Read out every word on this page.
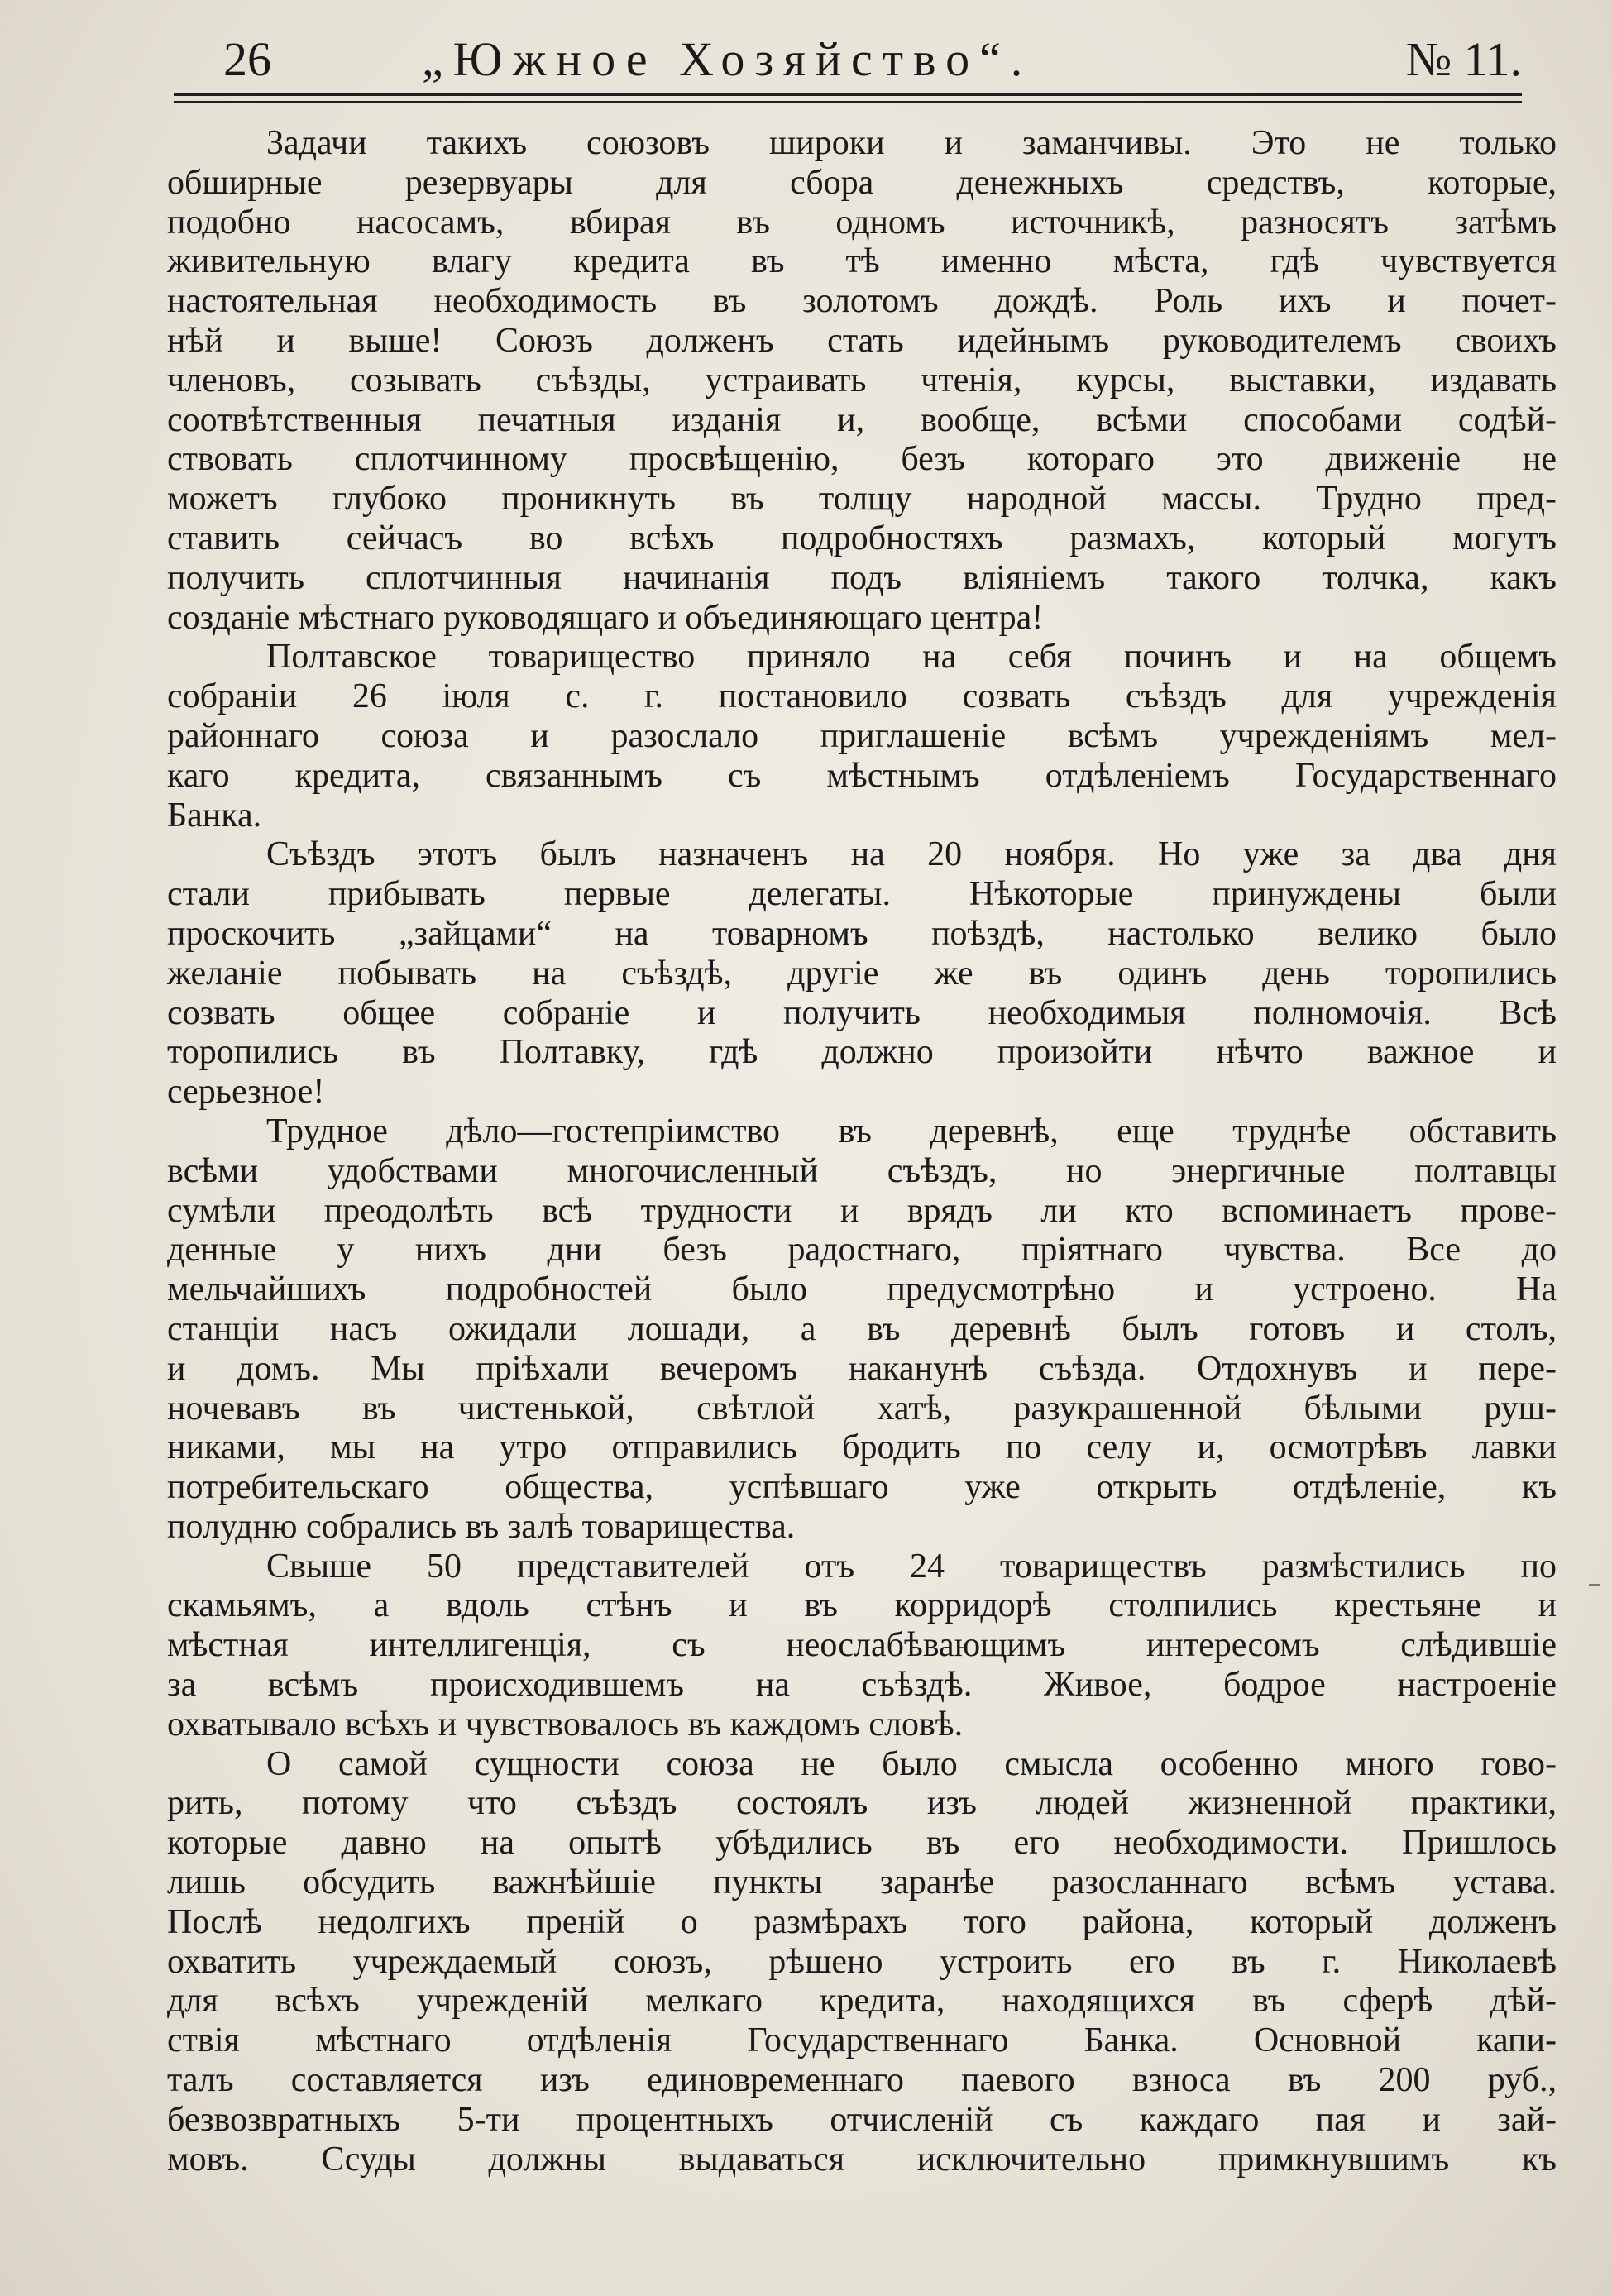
26	„Южное Хозяйство“.	№ 11.
Задачи такихъ союзовъ широки и заманчивы. Это не только
обширные резервуары для сбора денежныхъ средствъ, которые,
подобно насосамъ, вбирая въ одномъ источникѣ, разносятъ затѣмъ
живительную влагу кредита въ тѣ именно мѣста, гдѣ чувствуется
настоятельная необходимость въ золотомъ дождѣ. Роль ихъ и почет-
нѣй и выше! Союзъ долженъ стать идейнымъ руководителемъ своихъ
членовъ, созывать съѣзды, устраивать чтенія, курсы, выставки, издавать
соотвѣтственныя печатныя изданія и, вообще, всѣми способами содѣй-
ствовать сплотчинному просвѣщенію, безъ котораго это движеніе не
можетъ глубоко проникнуть въ толщу народной массы. Трудно пред-
ставить сейчасъ во всѣхъ подробностяхъ размахъ, который могутъ
получить сплотчинныя начинанія подъ вліяніемъ такого толчка, какъ
созданіе мѣстнаго руководящаго и объединяющаго центра!
Полтавское товарищество приняло на себя починъ и на общемъ
собраніи 26 іюля с. г. постановило созвать съѣздъ для учрежденія
районнаго союза и разослало приглашеніе всѣмъ учрежденіямъ мел-
каго кредита, связаннымъ съ мѣстнымъ отдѣленіемъ Государственнаго
Банка.
Съѣздъ этотъ былъ назначенъ на 20 ноября. Но уже за два дня
стали прибывать первые делегаты. Нѣкоторые принуждены были
проскочить „зайцами“ на товарномъ поѣздѣ, настолько велико было
желаніе побывать на съѣздѣ, другіе же въ одинъ день торопились
созвать общее собраніе и получить необходимыя полномочія. Всѣ
торопились въ Полтавку, гдѣ должно произойти нѣчто важное и
серьезное!
Трудное дѣло—гостепріимство въ деревнѣ, еще труднѣе обставить
всѣми удобствами многочисленный съѣздъ, но энергичные полтавцы
сумѣли преодолѣть всѣ трудности и врядъ ли кто вспоминаетъ прове-
денные у нихъ дни безъ радостнаго, пріятнаго чувства. Все до
мельчайшихъ подробностей было предусмотрѣно и устроено. На
станціи насъ ожидали лошади, а въ деревнѣ былъ готовъ и столъ,
и домъ. Мы пріѣхали вечеромъ наканунѣ съѣзда. Отдохнувъ и пере-
ночевавъ въ чистенькой, свѣтлой хатѣ, разукрашенной бѣлыми руш-
никами, мы на утро отправились бродить по селу и, осмотрѣвъ лавки
потребительскаго общества, успѣвшаго уже открыть отдѣленіе, къ
полудню собрались въ залѣ товарищества.
Свыше 50 представителей отъ 24 товариществъ размѣстились по
скамьямъ, а вдоль стѣнъ и въ корридорѣ столпились крестьяне и
мѣстная интеллигенція, съ неослабѣвающимъ интересомъ слѣдившіе
за всѣмъ происходившемъ на съѣздѣ. Живое, бодрое настроеніе
охватывало всѣхъ и чувствовалось въ каждомъ словѣ.
О самой сущности союза не было смысла особенно много гово-
рить, потому что съѣздъ состоялъ изъ людей жизненной практики,
которые давно на опытѣ убѣдились въ его необходимости. Пришлось
лишь обсудить важнѣйшіе пункты заранѣе разосланнаго всѣмъ устава.
Послѣ недолгихъ преній о размѣрахъ того района, который долженъ
охватить учреждаемый союзъ, рѣшено устроить его въ г. Николаевѣ
для всѣхъ учрежденій мелкаго кредита, находящихся въ сферѣ дѣй-
ствія мѣстнаго отдѣленія Государственнаго Банка. Основной капи-
талъ составляется изъ единовременнаго паевого взноса въ 200 руб.,
безвозвратныхъ 5-ти процентныхъ отчисленій съ каждаго пая и зай-
мовъ. Ссуды должны выдаваться исключительно примкнувшимъ къ
